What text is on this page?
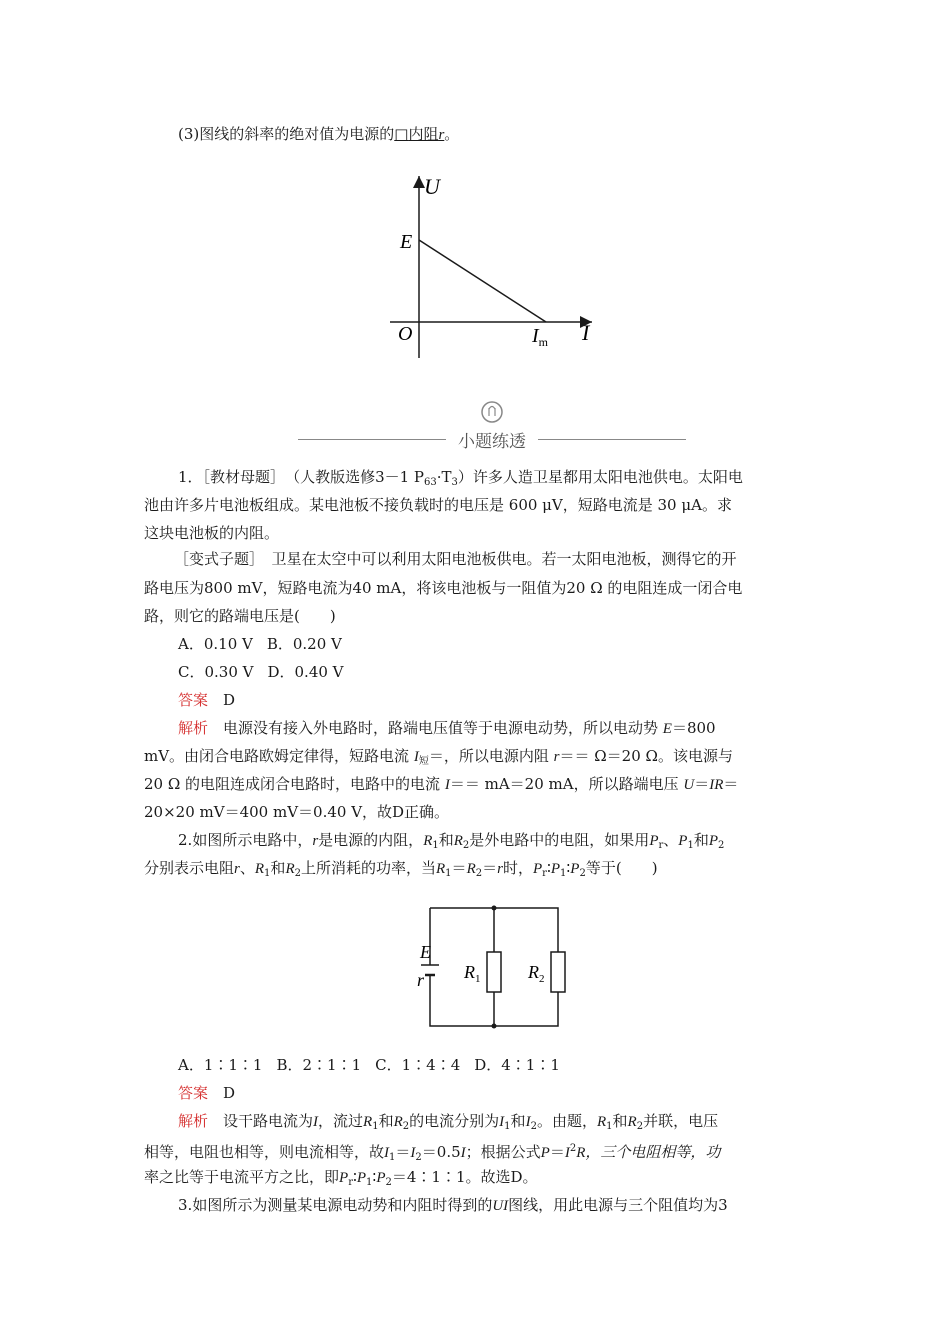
(3)图线的斜率的绝对值为电源的□内阻r。
U
I
O
E
$I_m$
小题练透
1．［教材母题］　 （人教版选修3－1 $P_{63}\cdot T_3$）许多人造卫星都用太阳电池供电。太阳电
池由许多片电池板组成。某电池板不接负载时的电压是 600 μV，短路电流是 30 μA。求
这块电池板的内阻。
［变式子题］　卫星在太空中可以利用太阳电池板供电。若一太阳电池板，测得它的开
路电压为800 mV，短路电流为40 mA，将该电池板与一阻值为20 Ω 的电阻连成一闭合电
路，则它的路端电压是(　　)
A．0.10 V B．0.20 V
C．0.30 V D．0.40 V
答案　 D
解析　电源没有接入外电路时，路端电压值等于电源电动势，所以电动势 E＝800
mV。由闭合电路欧姆定律得，短路电流 $I_短=$，所以电源内阻 r＝＝ Ω＝20 Ω。该电源与
20 Ω 的电阻连成闭合电路时，电路中的电流 I＝＝ mA＝20 mA，所以路端电压 U＝IR＝
20×20 mV＝400 mV＝0.40 V，故D正确。
2.如图所示电路中，r是电源的内阻，$R_1$和$R_2$是外电路中的电阻，如果用$P_r$、$P_1$和$P_2$
分别表示电阻r、$R_1$和$R_2$上所消耗的功率，当$R_1=R_2=r$时，$P_r∶P_1∶P_2$等于(　　)
E
r $R_1$	$R_2$
A．1∶1∶1 B．2∶1∶1 C．1∶4∶4 D．4∶1∶1
答案　 D
解析　设干路电流为I，流过$R_1$和$R_2$的电流分别为$I_1$和$I_2$。由题，$R_1$和$R_2$并联，电压
相等，电阻也相等，则电流相等，故$I_1=I_2=0.5I$；根据公式$P=I^2R$，三个电阻相等，功
率之比等于电流平方之比，即$P_r∶P_1∶P_2=4∶1∶1$。故选D。
3.如图所示为测量某电源电动势和内阻时得到的UI图线，用此电源与三个阻值均为3
